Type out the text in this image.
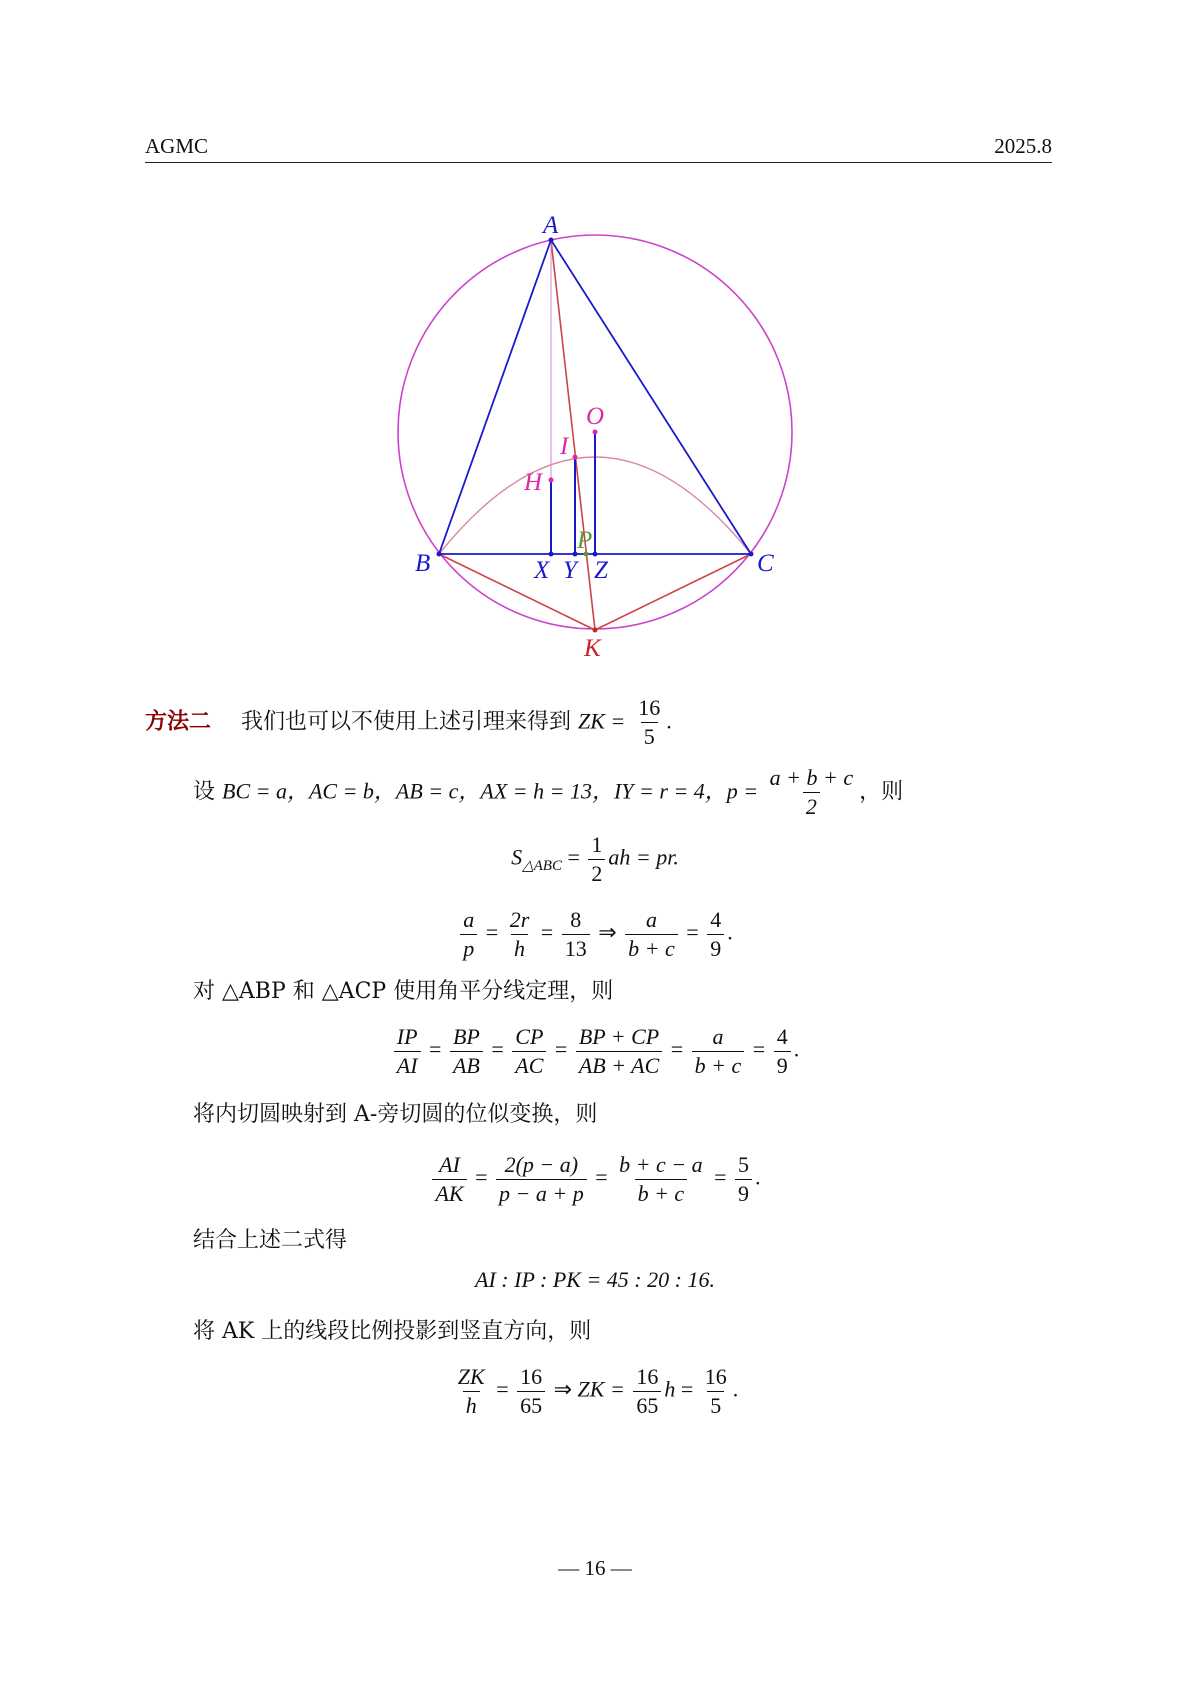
AGMC	2025.8
A
B	C
O
I
H
P
X Y Z
K
方法二 我们也可以不使用上述引理来得到 ZK = $\frac{16}{5}$ .
设 BC = a，AC = b，AB = c，AX = h = 13，IY = r = 4，$p = \frac{a + b + c}{2}$ ，则
$S_{\triangle ABC} = \frac{1}{2}$ ah = pr.
$\frac{a}{p} = \frac{2r}{h} = \frac{8}{13}$ ⇒ $\frac{a}{b + c} = \frac{4}{9}$ .
对 △ABP 和 △ACP 使用角平分线定理，则
$\frac{IP}{AI} = \frac{BP}{AB} = \frac{CP}{AC} = \frac{BP + CP}{AB + AC} = \frac{a}{b + c} = \frac{4}{9}$ .
将内切圆映射到 A-旁切圆的位似变换，则
$\frac{AI}{AK} = \frac{2(p - a)}{p - a + p} = \frac{b + c - a}{b + c} = \frac{5}{9}$ .
结合上述二式得
AI : IP : PK = 45 : 20 : 16.
将 AK 上的线段比例投影到竖直方向，则
$\frac{ZK}{h} = \frac{16}{65}$ ⇒ ZK = $\frac{16}{65}$ $h = \frac{16}{5}$ .
— 16 —
